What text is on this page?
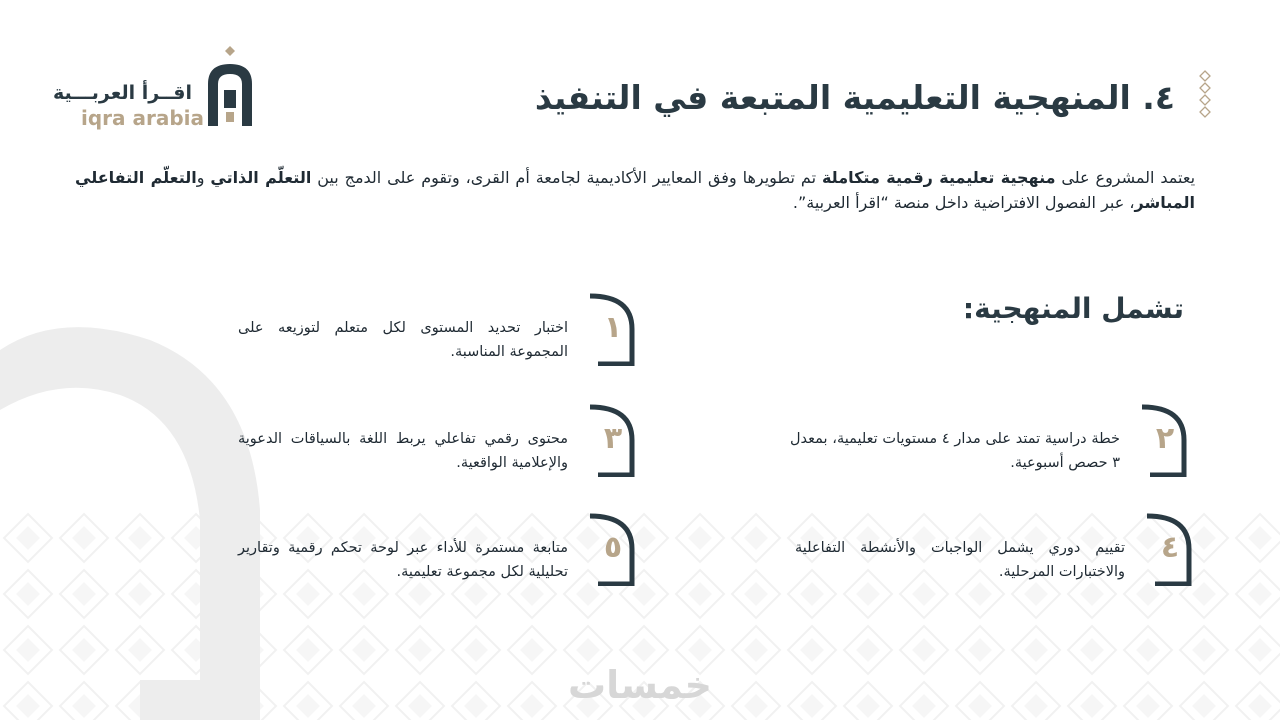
خمسات
اقــرأ العربـــية
iqra arabia
٤. المنهجية التعليمية المتبعة في التنفيذ

يعتمد المشروع على منهجية تعليمية رقمية متكاملة تم تطويرها وفق المعايير الأكاديمية لجامعة أم القرى، وتقوم على الدمج بين التعلّم الذاتي والتعلّم التفاعلي المباشر، عبر الفصول الافتراضية داخل منصة “اقرأ العربية”.

تشمل المنهجية:
١

اختبار تحديد المستوى لكل متعلم لتوزيعه على المجموعة المناسبة.

٢

خطة دراسية تمتد على مدار ٤ مستويات تعليمية، بمعدل ٣ حصص أسبوعية.

٣

محتوى رقمي تفاعلي يربط اللغة بالسياقات الدعوية والإعلامية الواقعية.

٤

تقييم دوري يشمل الواجبات والأنشطة التفاعلية والاختبارات المرحلية.

٥

متابعة مستمرة للأداء عبر لوحة تحكم رقمية وتقارير تحليلية لكل مجموعة تعليمية.
